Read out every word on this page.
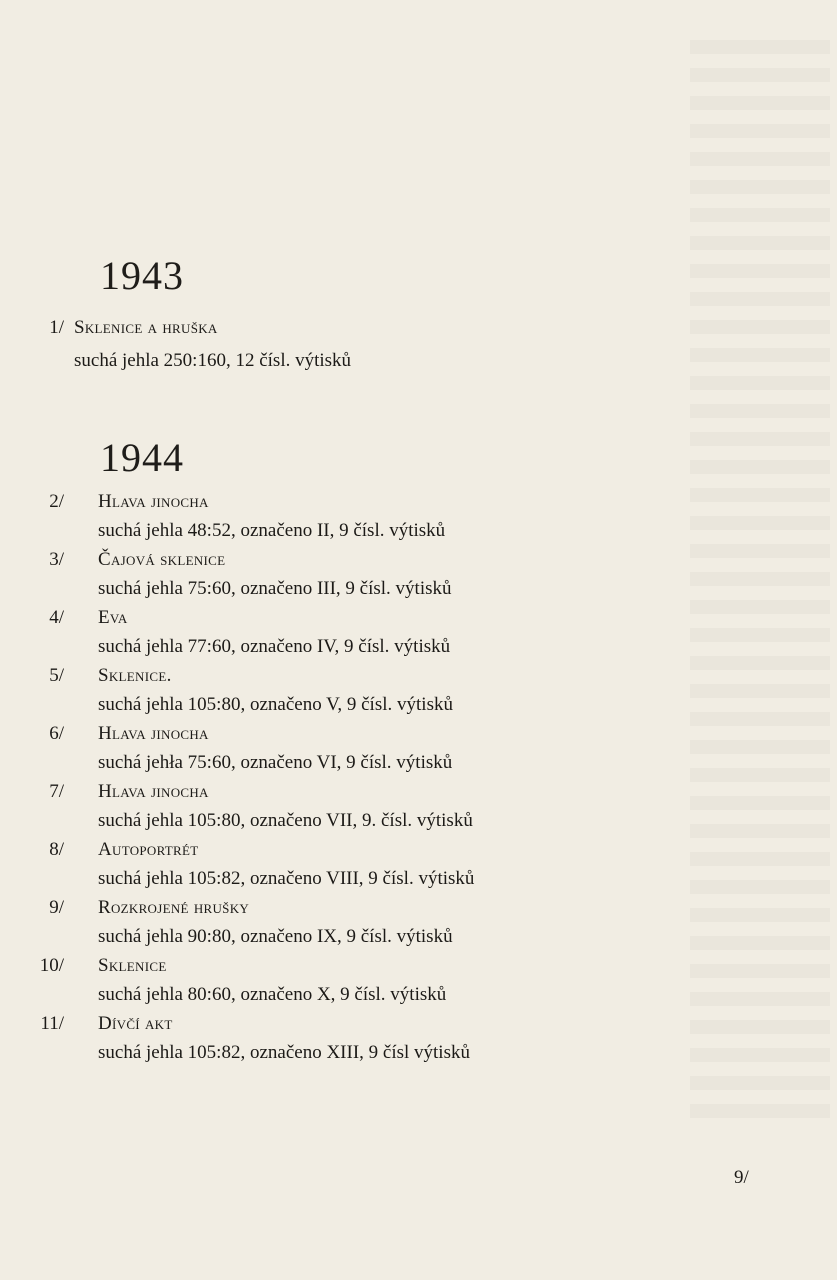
1943
1/ Sklenice a hruška
suchá jehla 250:160, 12 čísl. výtisků
1944
2/ Hlava jinocha
suchá jehla 48:52, označeno II, 9 čísl. výtisků
3/ Čajová sklenice
suchá jehla 75:60, označeno III, 9 čísl. výtisků
4/ Eva
suchá jehla 77:60, označeno IV, 9 čísl. výtisků
5/ Sklenice.
suchá jehla 105:80, označeno V, 9 čísl. výtisků
6/ Hlava jinocha
suchá jehła 75:60, označeno VI, 9 čísl. výtisků
7/ Hlava jinocha
suchá jehla 105:80, označeno VII, 9. čísl. výtisků
8/ Autoportrét
suchá jehla 105:82, označeno VIII, 9 čísl. výtisků
9/ Rozkrojené hrušky
suchá jehla 90:80, označeno IX, 9 čísl. výtisků
10/ Sklenice
suchá jehla 80:60, označeno X, 9 čísl. výtisků
11/ Dívčí akt
suchá jehla 105:82, označeno XIII, 9 čísl výtisků
9/
